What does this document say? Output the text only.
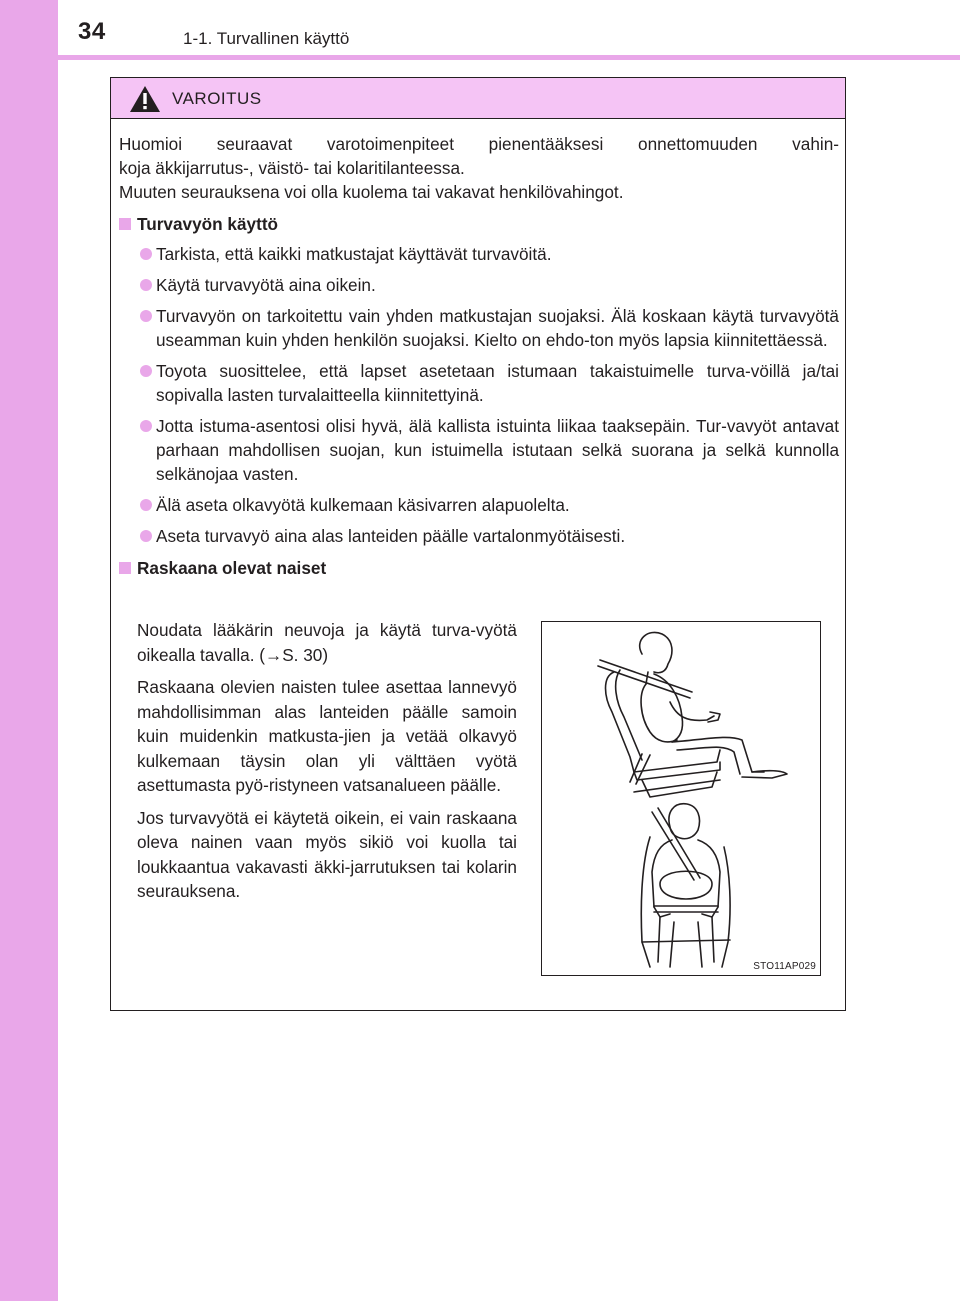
34	1-1. Turvallinen käyttö
VAROITUS

Huomioi seuraavat varotoimenpiteet pienentääksesi onnettomuuden vahin-

koja äkkijarrutus-, väistö- tai kolaritilanteessa.

Muuten seurauksena voi olla kuolema tai vakavat henkilövahingot.

Turvavyön käyttö
Tarkista, että kaikki matkustajat käyttävät turvavöitä.
Käytä turvavyötä aina oikein.
Turvavyön on tarkoitettu vain yhden matkustajan suojaksi. Älä koskaan käytä turvavyötä useamman kuin yhden henkilön suojaksi. Kielto on ehdo-ton myös lapsia kiinnitettäessä.
Toyota suosittelee, että lapset asetetaan istumaan takaistuimelle turva-vöillä ja/tai sopivalla lasten turvalaitteella kiinnitettyinä.
Jotta istuma-asentosi olisi hyvä, älä kallista istuinta liikaa taaksepäin. Tur-vavyöt antavat parhaan mahdollisen suojan, kun istuimella istutaan selkä suorana ja selkä kunnolla selkänojaa vasten.
Älä aseta olkavyötä kulkemaan käsivarren alapuolelta.
Aseta turvavyö aina alas lanteiden päälle vartalonmyötäisesti.
Raskaana olevat naiset

Noudata lääkärin neuvoja ja käytä turva-vyötä oikealla tavalla. (→S. 30)

Raskaana olevien naisten tulee asettaa lannevyö mahdollisimman alas lanteiden päälle samoin kuin muidenkin matkusta-jien ja vetää olkavyö kulkemaan täysin olan yli välttäen vyötä asettumasta pyö-ristyneen vatsanalueen päälle.

Jos turvavyötä ei käytetä oikein, ei vain raskaana oleva nainen vaan myös sikiö voi kuolla tai loukkaantua vakavasti äkki-jarrutuksen tai kolarin seurauksena.

STO11AP029
